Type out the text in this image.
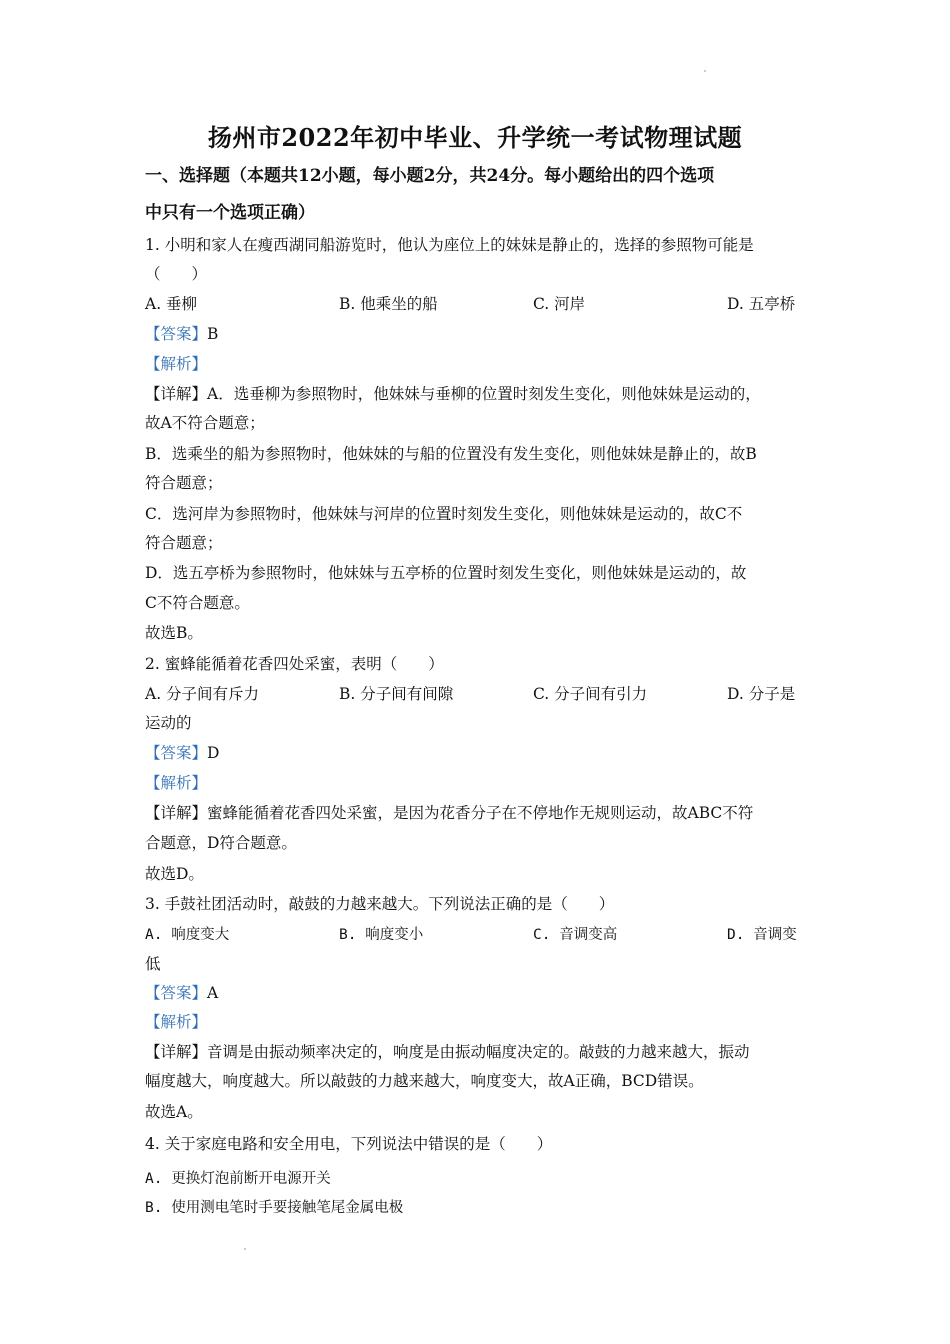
扬州市2022年初中毕业、升学统一考试物理试题
一、选择题（本题共12小题，每小题2分，共24分。每小题给出的四个选项
中只有一个选项正确）
1. 小明和家人在瘦西湖同船游览时，他认为座位上的妹妹是静止的，选择的参照物可能是
（　　）
A. 垂柳	B. 他乘坐的船	C. 河岸	D. 五亭桥
【答案】B
【解析】
【详解】A．选垂柳为参照物时，他妹妹与垂柳的位置时刻发生变化，则他妹妹是运动的，
故A不符合题意；
B．选乘坐的船为参照物时，他妹妹的与船的位置没有发生变化，则他妹妹是静止的，故B
符合题意；
C．选河岸为参照物时，他妹妹与河岸的位置时刻发生变化，则他妹妹是运动的，故C不
符合题意；
D．选五亭桥为参照物时，他妹妹与五亭桥的位置时刻发生变化，则他妹妹是运动的，故
C不符合题意。
故选B。
2. 蜜蜂能循着花香四处采蜜，表明（　　）
A. 分子间有斥力	B. 分子间有间隙	C. 分子间有引力	D. 分子是
运动的
【答案】D
【解析】
【详解】蜜蜂能循着花香四处采蜜，是因为花香分子在不停地作无规则运动，故ABC不符
合题意，D符合题意。
故选D。
3. 手鼓社团活动时，敲鼓的力越来越大。下列说法正确的是（　　）
A. 响度变大	B. 响度变小	C. 音调变高	D. 音调变
低
【答案】A
【解析】
【详解】音调是由振动频率决定的，响度是由振动幅度决定的。敲鼓的力越来越大，振动
幅度越大，响度越大。所以敲鼓的力越来越大，响度变大，故A正确，BCD错误。
故选A。
4. 关于家庭电路和安全用电，下列说法中错误的是（　　）
A. 更换灯泡前断开电源开关
B. 使用测电笔时手要接触笔尾金属电极
